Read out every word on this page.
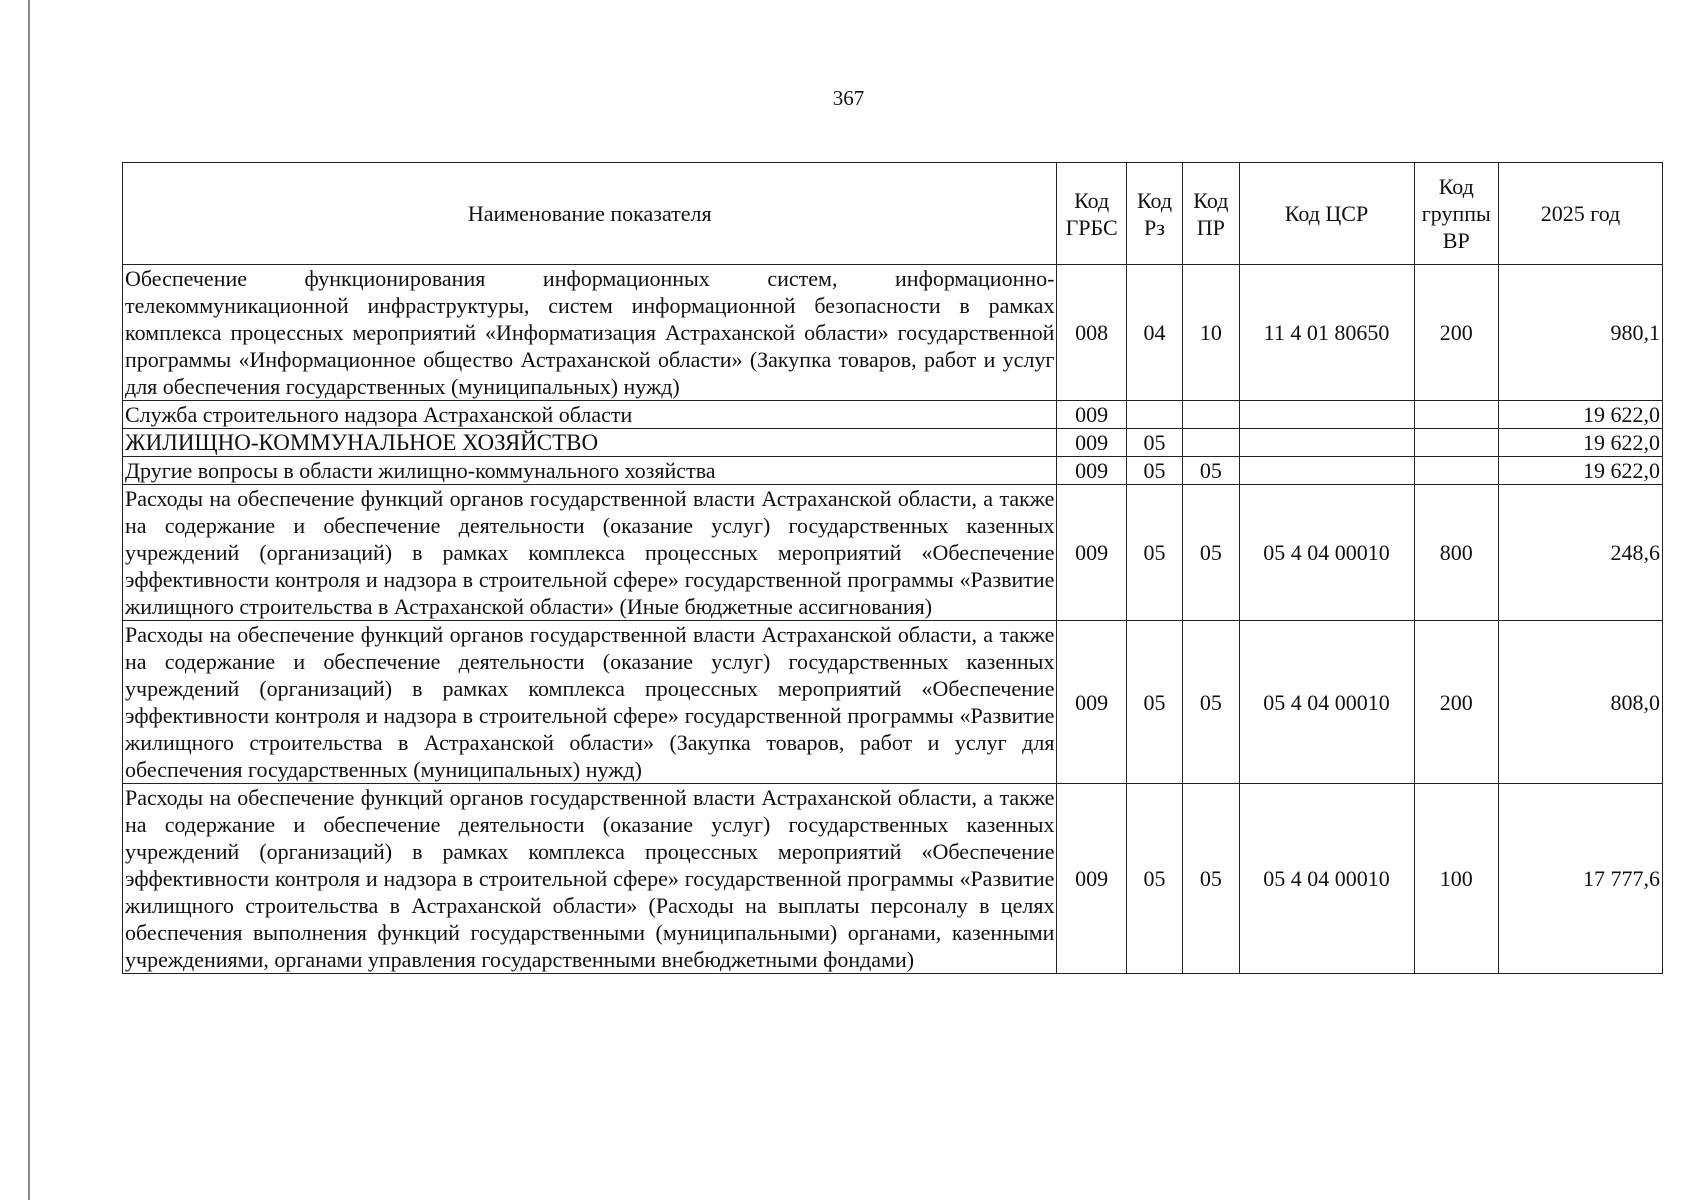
367
Наименование показателя	Код ГРБС	Код Рз	Код ПР	Код ЦСР	Код группы ВР	2025 год
Обеспечение функционирования информационных систем, информационно-телекоммуникационной инфраструктуры, систем информационной безопасности в рамках комплекса процессных мероприятий «Информатизация Астраханской области» государственной программы «Информационное общество Астраханской области» (Закупка товаров, работ и услуг для обеспечения государственных (муниципальных) нужд)	008	04	10	11 4 01 80650	200	980,1
Служба строительного надзора Астраханской области	009					19 622,0
ЖИЛИЩНО-КОММУНАЛЬНОЕ ХОЗЯЙСТВО	009	05				19 622,0
Другие вопросы в области жилищно-коммунального хозяйства	009	05	05			19 622,0
Расходы на обеспечение функций органов государственной власти Астраханской области, а также на содержание и обеспечение деятельности (оказание услуг) государственных казенных учреждений (организаций) в рамках комплекса процессных мероприятий «Обеспечение эффективности контроля и надзора в строительной сфере» государственной программы «Развитие жилищного строительства в Астраханской области» (Иные бюджетные ассигнования)	009	05	05	05 4 04 00010	800	248,6
Расходы на обеспечение функций органов государственной власти Астраханской области, а также на содержание и обеспечение деятельности (оказание услуг) государственных казенных учреждений (организаций) в рамках комплекса процессных мероприятий «Обеспечение эффективности контроля и надзора в строительной сфере» государственной программы «Развитие жилищного строительства в Астраханской области» (Закупка товаров, работ и услуг для обеспечения государственных (муниципальных) нужд)	009	05	05	05 4 04 00010	200	808,0
Расходы на обеспечение функций органов государственной власти Астраханской области, а также на содержание и обеспечение деятельности (оказание услуг) государственных казенных учреждений (организаций) в рамках комплекса процессных мероприятий «Обеспечение эффективности контроля и надзора в строительной сфере» государственной программы «Развитие жилищного строительства в Астраханской области» (Расходы на выплаты персоналу в целях обеспечения выполнения функций государственными (муниципальными) органами, казенными учреждениями, органами управления государственными внебюджетными фондами)	009	05	05	05 4 04 00010	100	17 777,6
